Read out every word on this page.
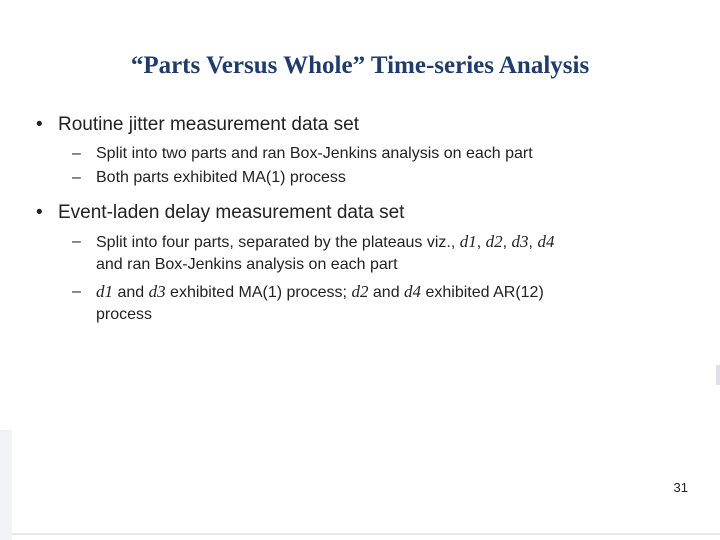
“Parts Versus Whole” Time-series Analysis
• Routine jitter measurement data set
– Split into two parts and ran Box-Jenkins analysis on each part
– Both parts exhibited MA(1) process
• Event-laden delay measurement data set
– Split into four parts, separated by the plateaus viz., d1, d2, d3, d4
and ran Box-Jenkins analysis on each part
– d1 and d3 exhibited MA(1) process; d2 and d4 exhibited AR(12)
process
31
